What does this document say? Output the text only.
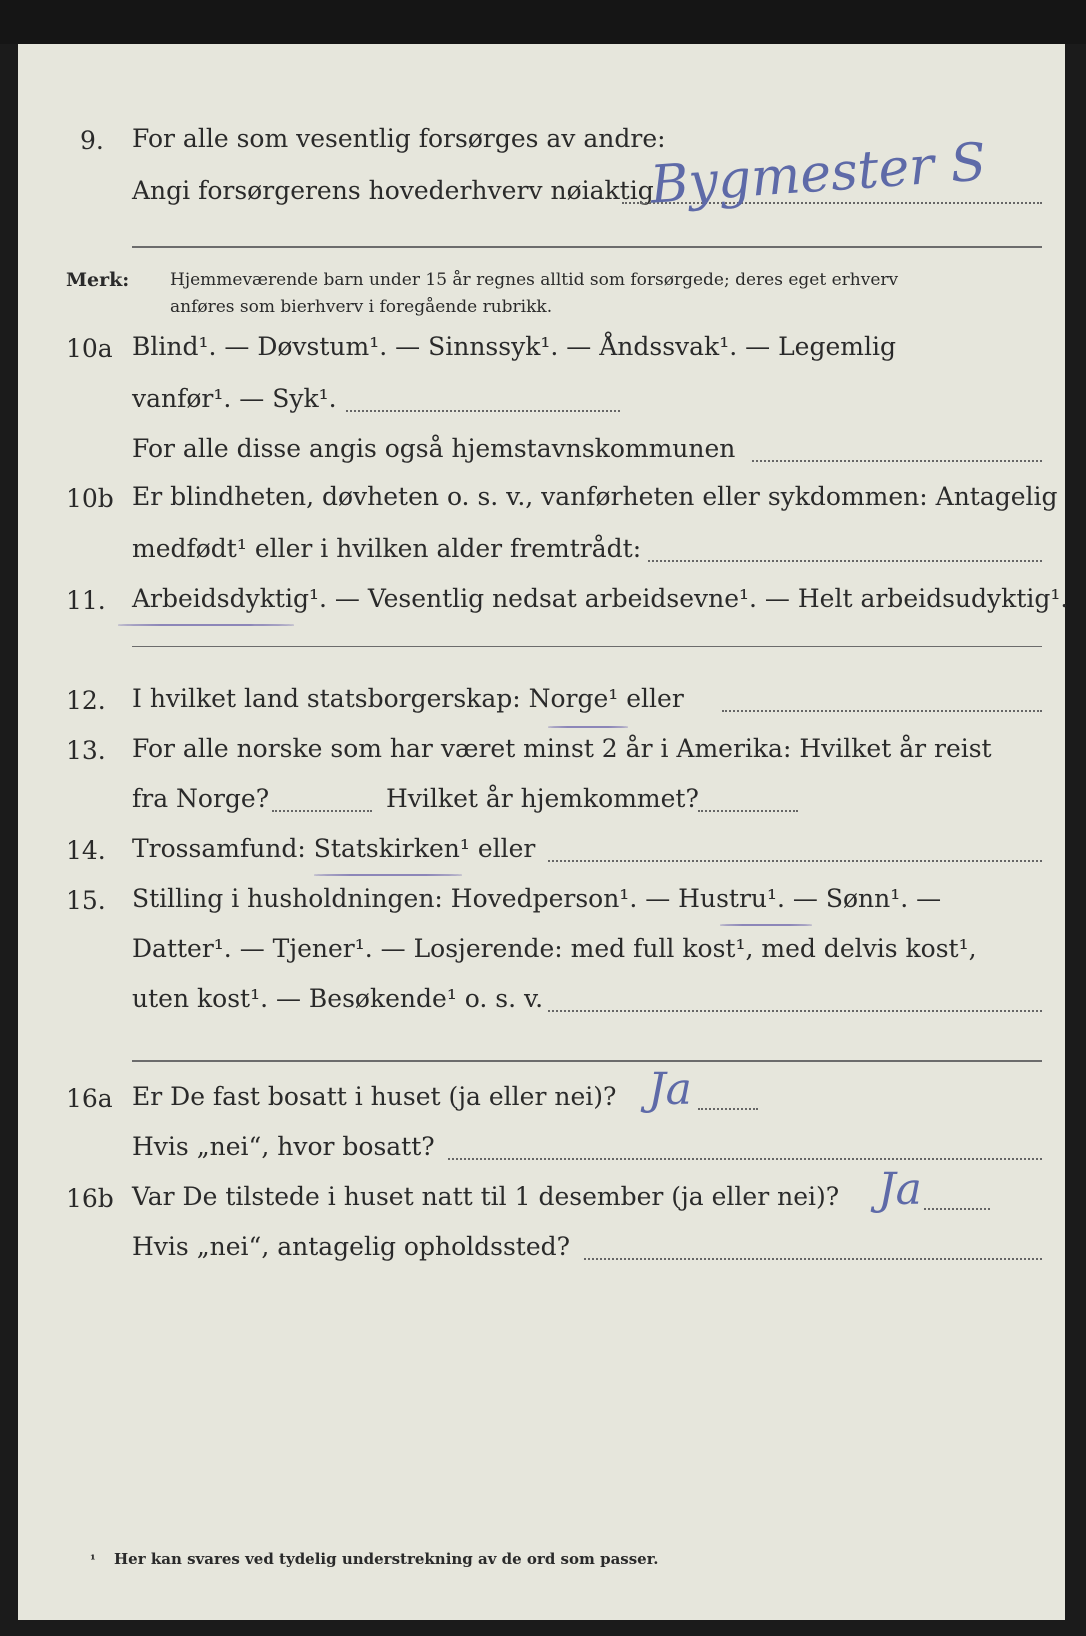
9. For alle som vesentlig forsørges av andre:
Angi forsørgerens hovederhverv nøiaktig
Bygmester S
Merk: Hjemmeværende barn under 15 år regnes alltid som forsørgede; deres eget erhverv
anføres som bierhverv i foregående rubrikk.
10a Blind¹. — Døvstum¹. — Sinnssyk¹. — Åndssvak¹. — Legemlig
vanfør¹. — Syk¹.
For alle disse angis også hjemstavnskommunen
10b Er blindheten, døvheten o. s. v., vanførheten eller sykdommen: Antagelig
medfødt¹ eller i hvilken alder fremtrådt:
11. Arbeidsdyktig¹. — Vesentlig nedsat arbeidsevne¹. — Helt arbeidsudyktig¹.
12. I hvilket land statsborgerskap: Norge¹ eller
13. For alle norske som har været minst 2 år i Amerika: Hvilket år reist
fra Norge?	Hvilket år hjemkommet?
14. Trossamfund: Statskirken¹ eller
15. Stilling i husholdningen: Hovedperson¹. — Hustru¹. — Sønn¹. —
Datter¹. — Tjener¹. — Losjerende: med full kost¹, med delvis kost¹,
uten kost¹. — Besøkende¹ o. s. v.
16a Er De fast bosatt i huset (ja eller nei)? Ja
Hvis „nei“, hvor bosatt?
16b Var De tilstede i huset natt til 1 desember (ja eller nei)? Ja
Hvis „nei“, antagelig opholdssted?
¹ Her kan svares ved tydelig understrekning av de ord som passer.
